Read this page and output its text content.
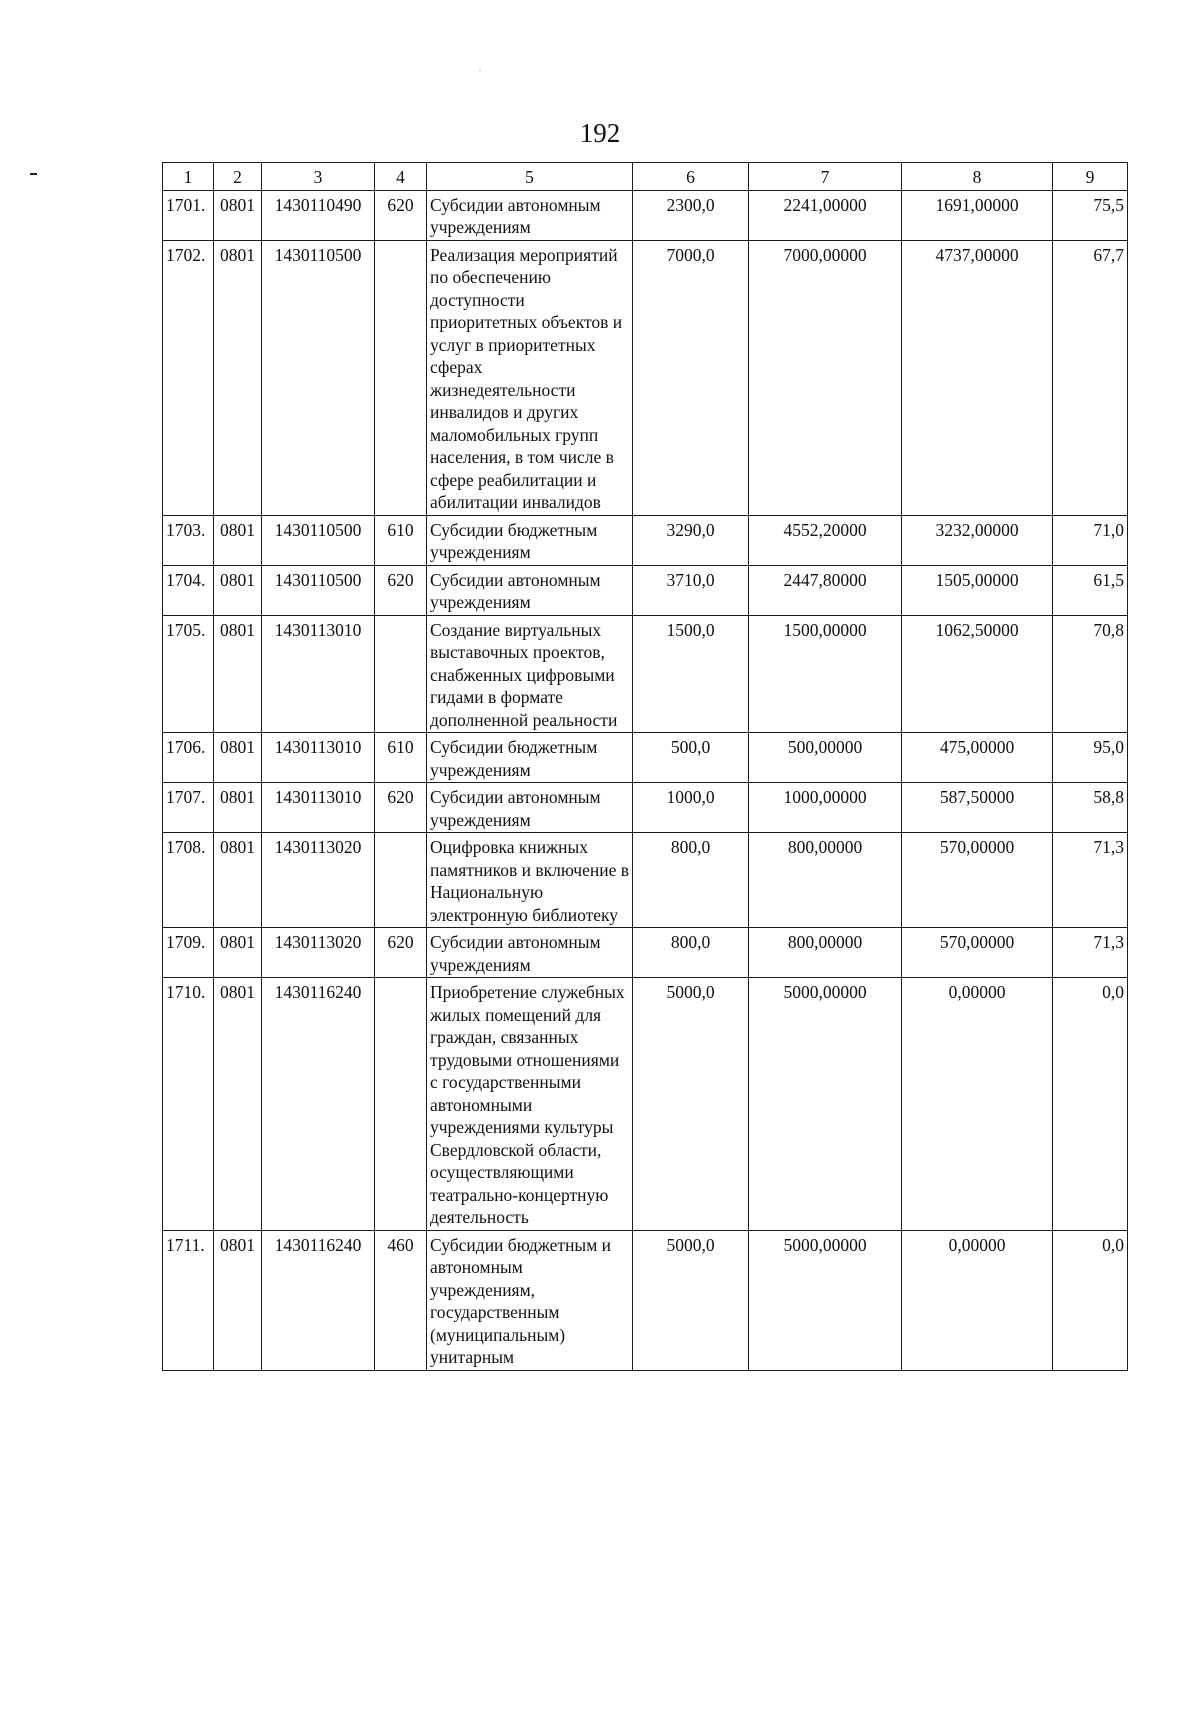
192
1	2	3	4	5	6	7	8	9
1701.	0801	1430110490	620	Субсидии автономным учреждениям	2300,0	2241,00000	1691,00000	75,5
1702.	0801	1430110500		Реализация мероприятий по обеспечению доступности приоритетных объектов и услуг в приоритетных сферах жизнедеятельности инвалидов и других маломобильных групп населения, в том числе в сфере реабилитации и абилитации инвалидов	7000,0	7000,00000	4737,00000	67,7
1703.	0801	1430110500	610	Субсидии бюджетным учреждениям	3290,0	4552,20000	3232,00000	71,0
1704.	0801	1430110500	620	Субсидии автономным учреждениям	3710,0	2447,80000	1505,00000	61,5
1705.	0801	1430113010		Создание виртуальных выставочных проектов, снабженных цифровыми гидами в формате дополненной реальности	1500,0	1500,00000	1062,50000	70,8
1706.	0801	1430113010	610	Субсидии бюджетным учреждениям	500,0	500,00000	475,00000	95,0
1707.	0801	1430113010	620	Субсидии автономным учреждениям	1000,0	1000,00000	587,50000	58,8
1708.	0801	1430113020		Оцифровка книжных памятников и включение в Национальную электронную библиотеку	800,0	800,00000	570,00000	71,3
1709.	0801	1430113020	620	Субсидии автономным учреждениям	800,0	800,00000	570,00000	71,3
1710.	0801	1430116240		Приобретение служебных жилых помещений для граждан, связанных трудовыми отношениями с государственными автономными учреждениями культуры Свердловской области, осуществляющими театрально-концертную деятельность	5000,0	5000,00000	0,00000	0,0
1711.	0801	1430116240	460	Субсидии бюджетным и автономным учреждениям, государственным (муниципальным) унитарным	5000,0	5000,00000	0,00000	0,0
